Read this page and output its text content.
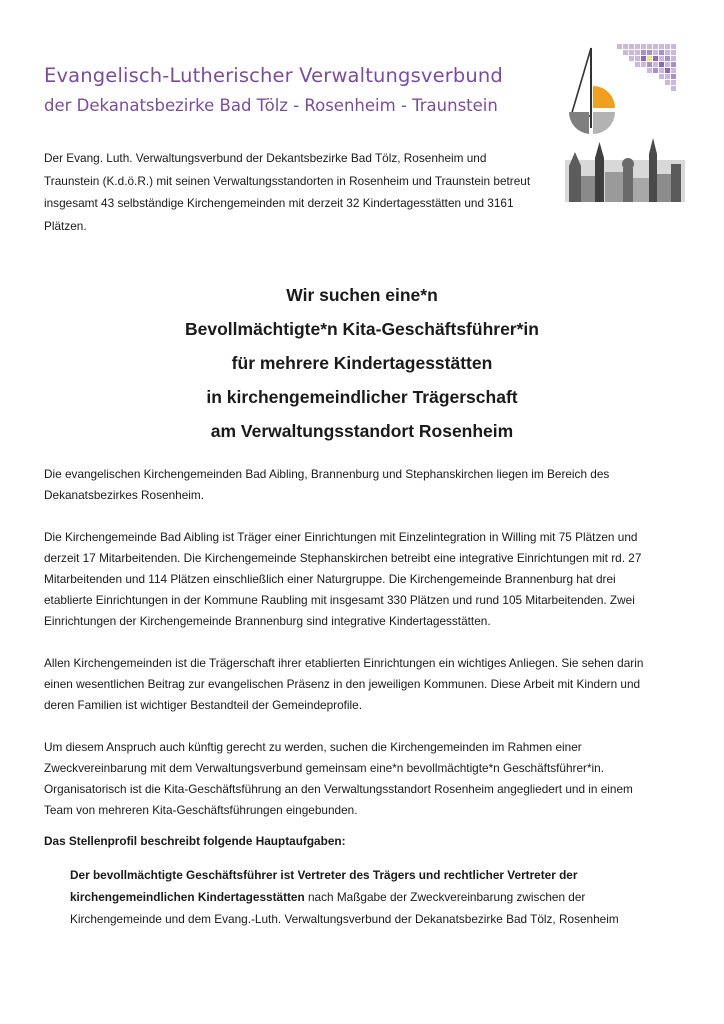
Evangelisch-Lutherischer Verwaltungsverbund
der Dekanatsbezirke Bad Tölz - Rosenheim - Traunstein

Der Evang. Luth. Verwaltungsverbund der Dekantsbezirke Bad Tölz, Rosenheim und
Traunstein (K.d.ö.R.) mit seinen Verwaltungsstandorten in Rosenheim und Traunstein betreut
insgesamt 43 selbständige Kirchengemeinden mit derzeit 32 Kindertagesstätten und 3161
Plätzen.

Wir suchen eine*n
Bevollmächtigte*n Kita-Geschäftsführer*in
für mehrere Kindertagesstätten
in kirchengemeindlicher Trägerschaft
am Verwaltungsstandort Rosenheim

Die evangelischen Kirchengemeinden Bad Aibling, Brannenburg und Stephanskirchen liegen im Bereich des
Dekanatsbezirkes Rosenheim.

Die Kirchengemeinde Bad Aibling ist Träger einer Einrichtungen mit Einzelintegration in Willing mit 75 Plätzen und
derzeit 17 Mitarbeitenden. Die Kirchengemeinde Stephanskirchen betreibt eine integrative Einrichtungen mit rd. 27
Mitarbeitenden und 114 Plätzen einschließlich einer Naturgruppe. Die Kirchengemeinde Brannenburg hat drei
etablierte Einrichtungen in der Kommune Raubling mit insgesamt 330 Plätzen und rund 105 Mitarbeitenden. Zwei
Einrichtungen der Kirchengemeinde Brannenburg sind integrative Kindertagesstätten.

Allen Kirchengemeinden ist die Trägerschaft ihrer etablierten Einrichtungen ein wichtiges Anliegen. Sie sehen darin
einen wesentlichen Beitrag zur evangelischen Präsenz in den jeweiligen Kommunen. Diese Arbeit mit Kindern und
deren Familien ist wichtiger Bestandteil der Gemeindeprofile.

Um diesem Anspruch auch künftig gerecht zu werden, suchen die Kirchengemeinden im Rahmen einer
Zweckvereinbarung mit dem Verwaltungsverbund gemeinsam eine*n bevollmächtigte*n Geschäftsführer*in.
Organisatorisch ist die Kita-Geschäftsführung an den Verwaltungsstandort Rosenheim angegliedert und in einem
Team von mehreren Kita-Geschäftsführungen eingebunden.

Das Stellenprofil beschreibt folgende Hauptaufgaben:

Der bevollmächtigte Geschäftsführer ist Vertreter des Trägers und rechtlicher Vertreter der
kirchengemeindlichen Kindertagesstätten nach Maßgabe der Zweckvereinbarung zwischen der
Kirchengemeinde und dem Evang.-Luth. Verwaltungsverbund der Dekanatsbezirke Bad Tölz, Rosenheim
